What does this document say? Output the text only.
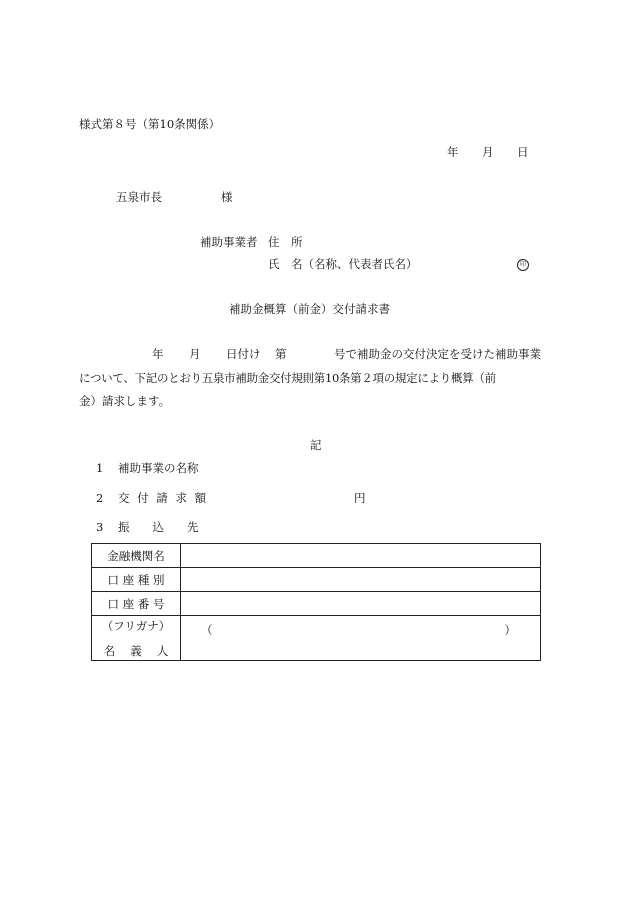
様式第８号（第10条関係）
年 月 日
五泉市長	様
補助事業者 住　所
氏　名（名称、代表者氏名）	印
補助金概算（前金）交付請求書
年 月 日付け 第	号で補助金の交付決定を受けた補助事業
について、下記のとおり五泉市補助金交付規則第10条第２項の規定により概算（前
金）請求します。
記
1 補助事業の名称
2 交 付 請 求 額	円
3 振　　込　　先
金融機関名	
口 座 種 別	
口 座 番 号	

（フリガナ）
名　 義　 人	（ ）
